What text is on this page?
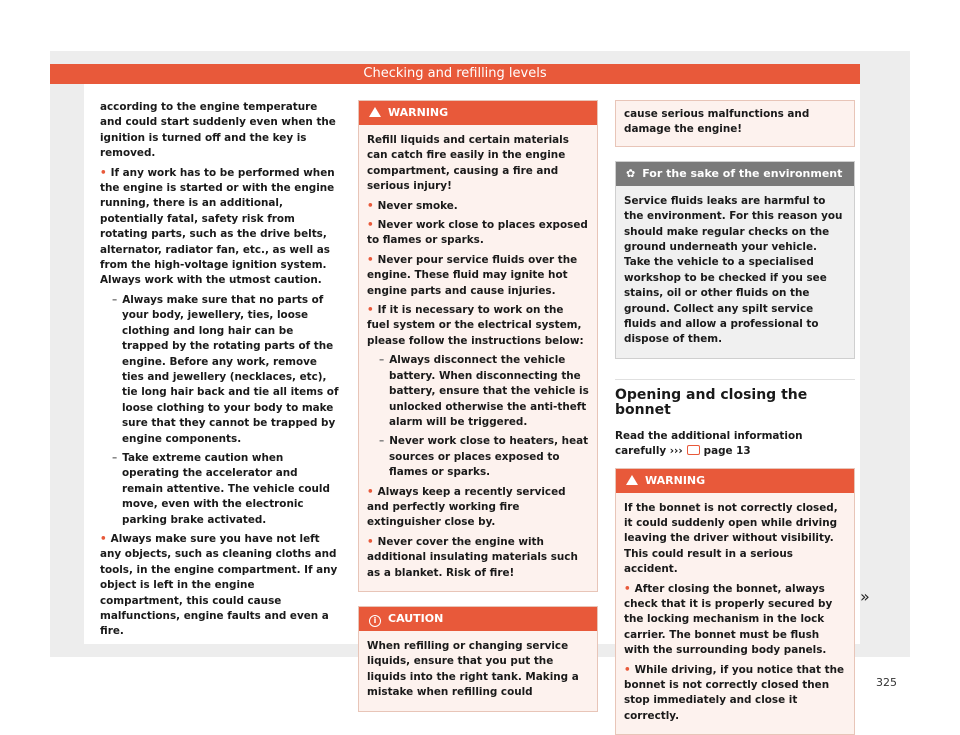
Checking and refilling levels

according to the engine temperature and could start suddenly even when the ignition is turned off and the key is removed.

• If any work has to be performed when the engine is started or with the engine running, there is an additional, potentially fatal, safety risk from rotating parts, such as the drive belts, alternator, radiator fan, etc., as well as from the high-voltage ignition system. Always work with the utmost caution.

– Always make sure that no parts of your body, jewellery, ties, loose clothing and long hair can be trapped by the rotating parts of the engine. Before any work, remove ties and jewellery (necklaces, etc), tie long hair back and tie all items of loose clothing to your body to make sure that they cannot be trapped by engine components.

– Take extreme caution when operating the accelerator and remain attentive. The vehicle could move, even with the electronic parking brake activated.

• Always make sure you have not left any objects, such as cleaning cloths and tools, in the engine compartment. If any object is left in the engine compartment, this could cause malfunctions, engine faults and even a fire.

WARNING

Refill liquids and certain materials can catch fire easily in the engine compartment, causing a fire and serious injury!

• Never smoke.

• Never work close to places exposed to flames or sparks.

• Never pour service fluids over the engine. These fluid may ignite hot engine parts and cause injuries.

• If it is necessary to work on the fuel system or the electrical system, please follow the instructions below:

– Always disconnect the vehicle battery. When disconnecting the battery, ensure that the vehicle is unlocked otherwise the anti-theft alarm will be triggered.

– Never work close to heaters, heat sources or places exposed to flames or sparks.

• Always keep a recently serviced and perfectly working fire extinguisher close by.

• Never cover the engine with additional insulating materials such as a blanket. Risk of fire!

i CAUTION

When refilling or changing service liquids, ensure that you put the liquids into the right tank. Making a mistake when refilling could

cause serious malfunctions and damage the engine!

✿ For the sake of the environment

Service fluids leaks are harmful to the environment. For this reason you should make regular checks on the ground underneath your vehicle. Take the vehicle to a specialised workshop to be checked if you see stains, oil or other fluids on the ground. Collect any spilt service fluids and allow a professional to dispose of them.

Opening and closing the bonnet

Read the additional information carefully ››› page 13

WARNING

If the bonnet is not correctly closed, it could suddenly open while driving leaving the driver without visibility. This could result in a serious accident.

• After closing the bonnet, always check that it is properly secured by the locking mechanism in the lock carrier. The bonnet must be flush with the surrounding body panels.

• While driving, if you notice that the bonnet is not correctly closed then stop immediately and close it correctly.

»
325
